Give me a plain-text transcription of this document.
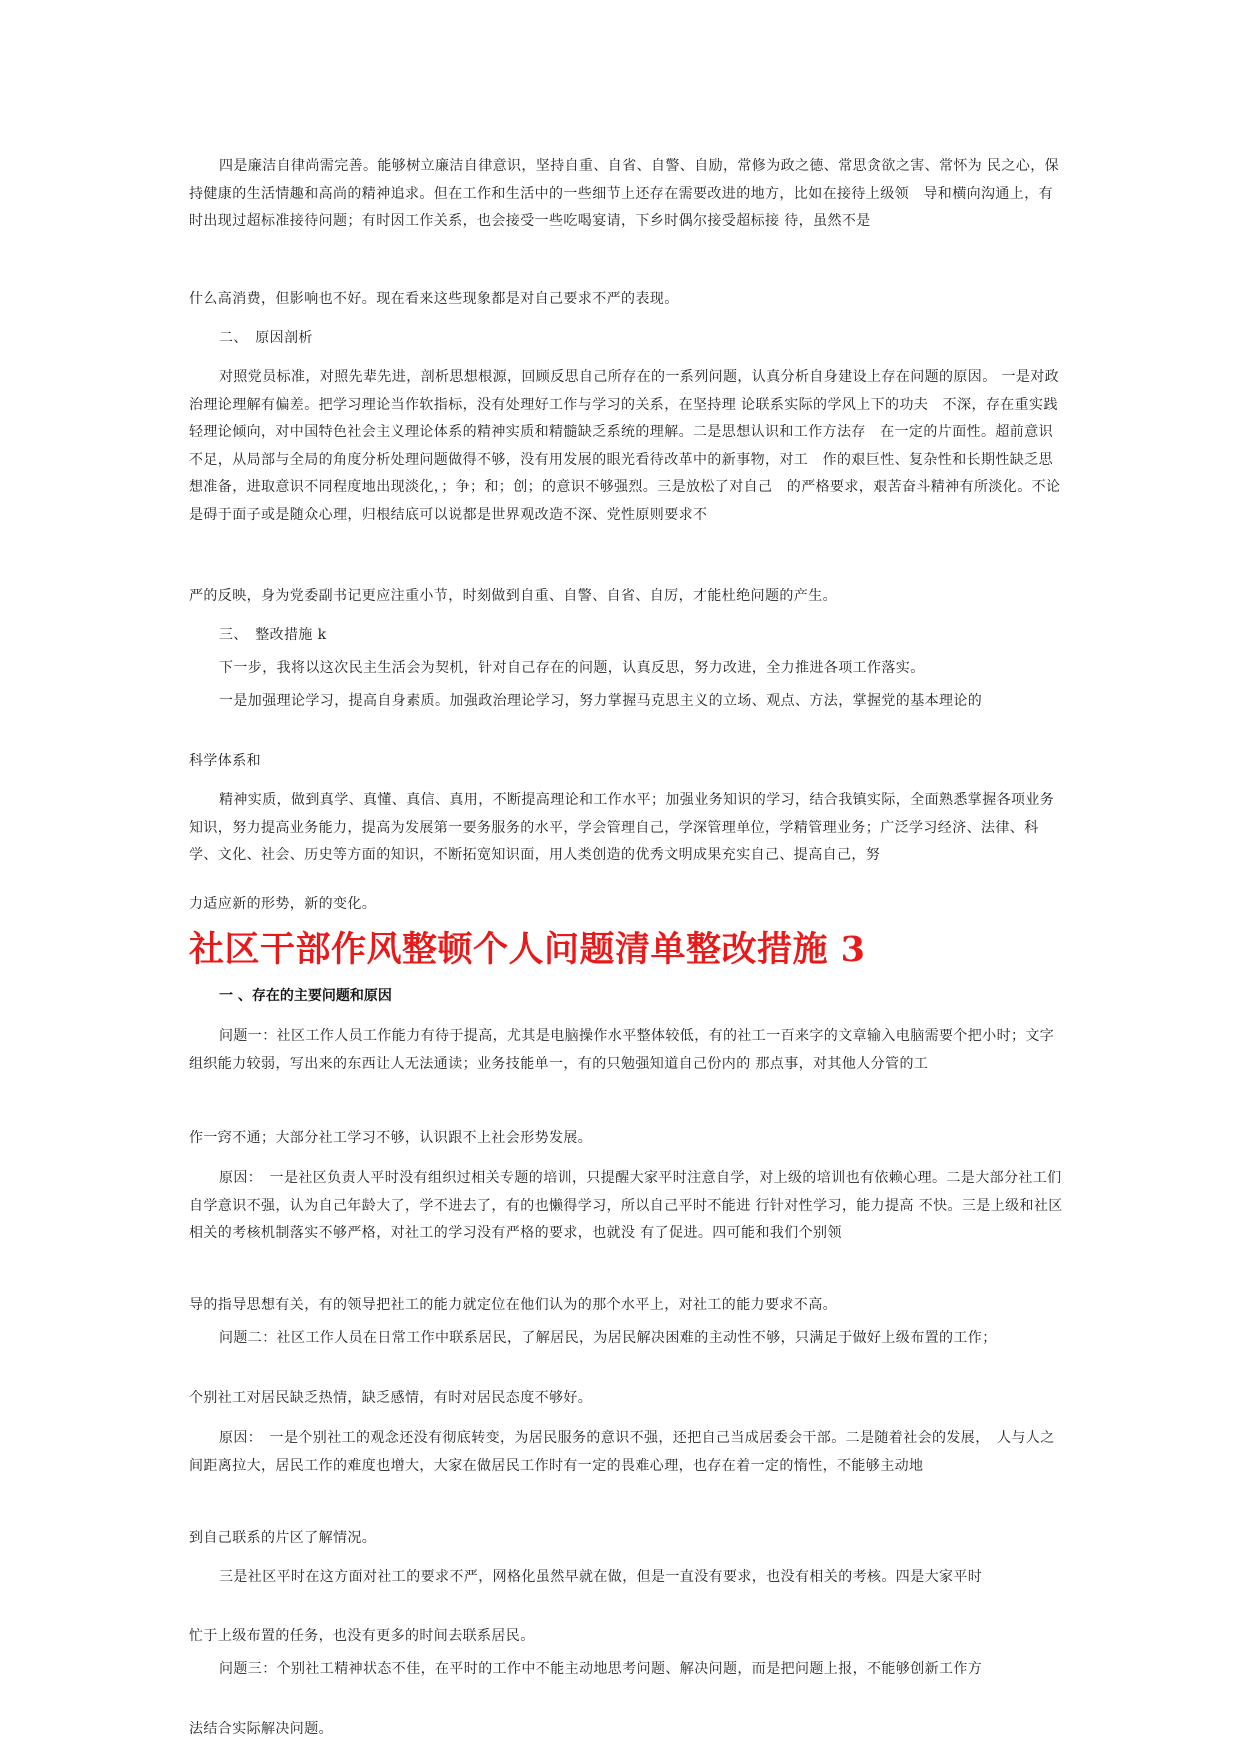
四是廉洁自律尚需完善。能够树立廉洁自律意识，坚持自重、自省、自警、自励，常修为政之德、常思贪欲之害、常怀为 民之心，保持健康的生活情趣和高尚的精神追求。但在工作和生活中的一些细节上还存在需要改进的地方，比如在接待上级领　导和横向沟通上，有时出现过超标准接待问题；有时因工作关系，也会接受一些吃喝宴请，下乡时偶尔接受超标接 待，虽然不是

什么高消费，但影响也不好。现在看来这些现象都是对自己要求不严的表现。

二、　原因剖析

对照党员标准，对照先辈先进，剖析思想根源，回顾反思自己所存在的一系列问题，认真分析自身建设上存在问题的原因。 一是对政治理论理解有偏差。把学习理论当作软指标，没有处理好工作与学习的关系，在坚持理 论联系实际的学风上下的功夫　不深，存在重实践轻理论倾向，对中国特色社会主义理论体系的精神实质和精髓缺乏系统的理解。二是思想认识和工作方法存　在一定的片面性。超前意识不足，从局部与全局的角度分析处理问题做得不够，没有用发展的眼光看待改革中的新事物，对工　作的艰巨性、复杂性和长期性缺乏思想准备，进取意识不同程度地出现淡化，；争；和；创；的意识不够强烈。三是放松了对自己　的严格要求，艰苦奋斗精神有所淡化。不论是碍于面子或是随众心理，归根结底可以说都是世界观改造不深、党性原则要求不

严的反映，身为党委副书记更应注重小节，时刻做到自重、自警、自省、自厉，才能杜绝问题的产生。

三、　整改措施 k

下一步，我将以这次民主生活会为契机，针对自己存在的问题，认真反思，努力改进，全力推进各项工作落实。

一是加强理论学习，提高自身素质。加强政治理论学习，努力掌握马克思主义的立场、观点、方法，掌握党的基本理论的

科学体系和

精神实质，做到真学、真懂、真信、真用，不断提高理论和工作水平；加强业务知识的学习，结合我镇实际，全面熟悉掌握各项业务知识，努力提高业务能力，提高为发展第一要务服务的水平，学会管理自己，学深管理单位，学精管理业务；广泛学习经济、法律、科学、文化、社会、历史等方面的知识，不断拓宽知识面，用人类创造的优秀文明成果充实自己、提高自己，努

力适应新的形势，新的变化。

社区干部作风整顿个人问题清单整改措施 3

一 、存在的主要问题和原因

问题一：社区工作人员工作能力有待于提高，尤其是电脑操作水平整体较低，有的社工一百来字的文章输入电脑需要个把小时；文字组织能力较弱，写出来的东西让人无法通读；业务技能单一，有的只勉强知道自己份内的 那点事，对其他人分管的工

作一窍不通；大部分社工学习不够，认识跟不上社会形势发展。

原因：　一是社区负责人平时没有组织过相关专题的培训，只提醒大家平时注意自学，对上级的培训也有依赖心理。二是大部分社工们自学意识不强，认为自己年龄大了，学不进去了，有的也懒得学习，所以自己平时不能进 行针对性学习，能力提高 不快。三是上级和社区相关的考核机制落实不够严格，对社工的学习没有严格的要求，也就没 有了促进。四可能和我们个别领

导的指导思想有关，有的领导把社工的能力就定位在他们认为的那个水平上，对社工的能力要求不高。

问题二：社区工作人员在日常工作中联系居民，了解居民，为居民解决困难的主动性不够，只满足于做好上级布置的工作；

个别社工对居民缺乏热情，缺乏感情，有时对居民态度不够好。

原因：　一是个别社工的观念还没有彻底转变，为居民服务的意识不强，还把自己当成居委会干部。二是随着社会的发展，　人与人之间距离拉大，居民工作的难度也增大，大家在做居民工作时有一定的畏难心理，也存在着一定的惰性，不能够主动地

到自己联系的片区了解情况。

三是社区平时在这方面对社工的要求不严，网格化虽然早就在做，但是一直没有要求，也没有相关的考核。四是大家平时

忙于上级布置的任务，也没有更多的时间去联系居民。

问题三：个别社工精神状态不佳，在平时的工作中不能主动地思考问题、解决问题，而是把问题上报，不能够创新工作方

法结合实际解决问题。
